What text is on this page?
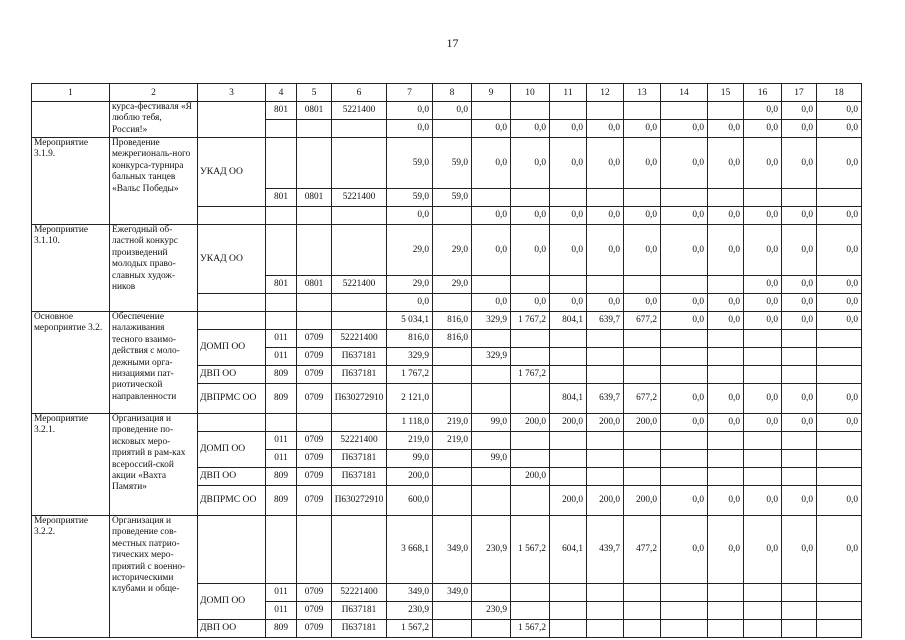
17
1	2	3	4	5	6	7	8	9	10	11	12	13	14	15	16	17	18
	курса-фестиваля «Я люблю тебя, Россия!»		801	0801	5221400	0,0	0,0								0,0	0,0	0,0
						0,0		0,0	0,0	0,0	0,0	0,0	0,0	0,0	0,0	0,0	0,0
Мероприятие 3.1.9.	Проведение межрегиональ-ного конкурса-турнира бальных танцев «Вальс Победы»	УКАД ОО				59,0	59,0	0,0	0,0	0,0	0,0	0,0	0,0	0,0	0,0	0,0	0,0
			801	0801	5221400	59,0	59,0										
						0,0		0,0	0,0	0,0	0,0	0,0	0,0	0,0	0,0	0,0	0,0
Мероприятие 3.1.10.	Ежегодный об-ластной конкурс произведений молодых право-славных худож-ников	УКАД ОО				29,0	29,0	0,0	0,0	0,0	0,0	0,0	0,0	0,0	0,0	0,0	0,0
			801	0801	5221400	29,0	29,0								0,0	0,0	0,0
						0,0		0,0	0,0	0,0	0,0	0,0	0,0	0,0	0,0	0,0	0,0
Основное мероприятие 3.2.	Обеспечение налаживания тесного взаимо-действия с моло-дежными орга-низациями пат-риотической направленности					5 034,1	816,0	329,9	1 767,2	804,1	639,7	677,2	0,0	0,0	0,0	0,0	0,0
		ДОМП ОО	011	0709	52221400	816,0	816,0										
			011	0709	П637181	329,9		329,9									
		ДВП ОО	809	0709	П637181	1 767,2			1 767,2								
		ДВПРМС ОО	809	0709	П630272910	2 121,0				804,1	639,7	677,2	0,0	0,0	0,0	0,0	0,0
Мероприятие 3.2.1.	Организация и проведение по-исковых меро-приятий в рам-ках всероссий-ской акции «Вахта Памяти»					1 118,0	219,0	99,0	200,0	200,0	200,0	200,0	0,0	0,0	0,0	0,0	0,0
		ДОМП ОО	011	0709	52221400	219,0	219,0										
			011	0709	П637181	99,0		99,0									
		ДВП ОО	809	0709	П637181	200,0			200,0								
		ДВПРМС ОО	809	0709	П630272910	600,0				200,0	200,0	200,0	0,0	0,0	0,0	0,0	0,0
Мероприятие 3.2.2.	Организация и проведение сов-местных патрио-тических меро-приятий с военно-историческими клубами и обще-					3 668,1	349,0	230,9	1 567,2	604,1	439,7	477,2	0,0	0,0	0,0	0,0	0,0
		ДОМП ОО	011	0709	52221400	349,0	349,0										
			011	0709	П637181	230,9		230,9									
		ДВП ОО	809	0709	П637181	1 567,2			1 567,2								
